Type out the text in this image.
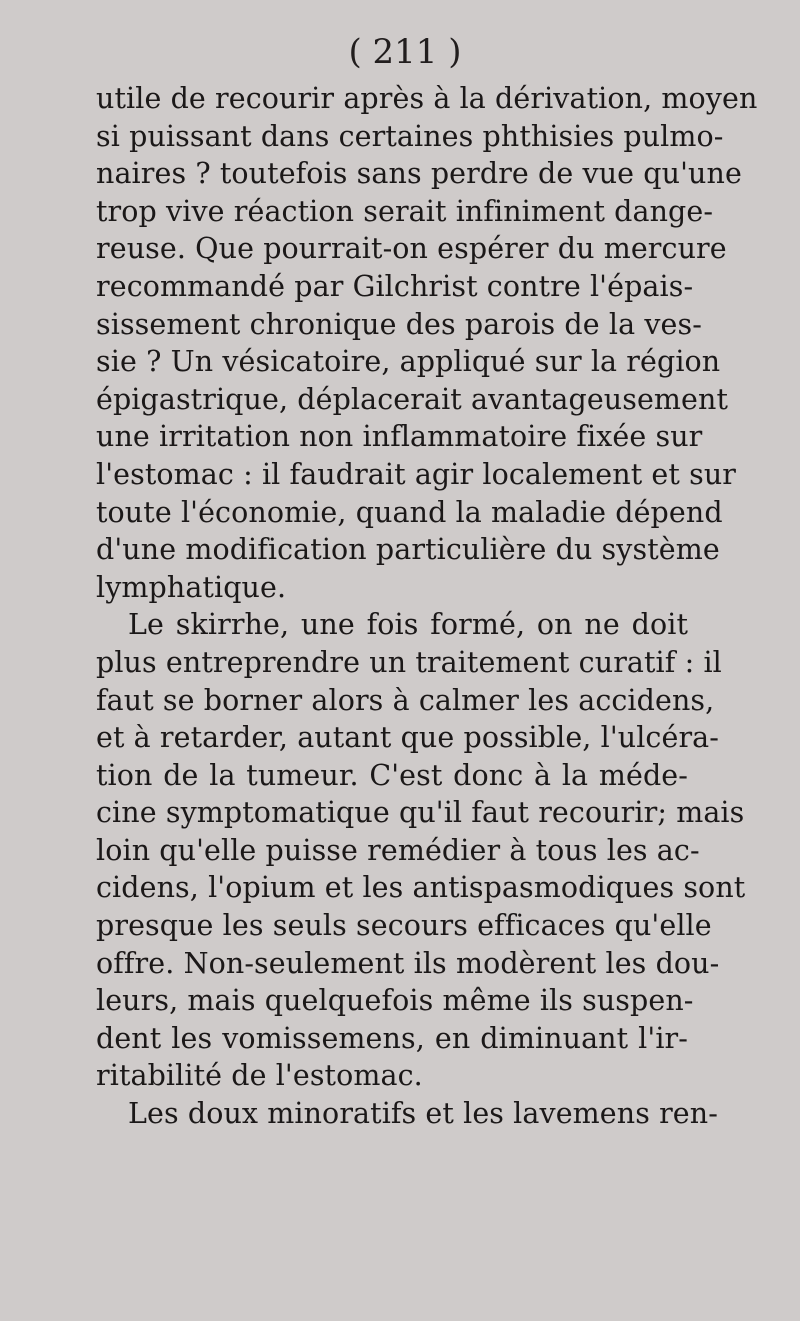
( 211 )
utile de recourir après à la dérivation, moyen
si puissant dans certaines phthisies pulmo-
naires ? toutefois sans perdre de vue qu'une
trop vive réaction serait infiniment dange-
reuse. Que pourrait-on espérer du mercure
recommandé par Gilchrist contre l'épais-
sissement chronique des parois de la ves-
sie ? Un vésicatoire, appliqué sur la région
épigastrique, déplacerait avantageusement
une irritation non inflammatoire fixée sur
l'estomac : il faudrait agir localement et sur
toute l'économie, quand la maladie dépend
d'une modification particulière du système
lymphatique.
Le skirrhe, une fois formé, on ne doit
plus entreprendre un traitement curatif : il
faut se borner alors à calmer les accidens,
et à retarder, autant que possible, l'ulcéra-
tion de la tumeur. C'est donc à la méde-
cine symptomatique qu'il faut recourir; mais
loin qu'elle puisse remédier à tous les ac-
cidens, l'opium et les antispasmodiques sont
presque les seuls secours efficaces qu'elle
offre. Non-seulement ils modèrent les dou-
leurs, mais quelquefois même ils suspen-
dent les vomissemens, en diminuant l'ir-
ritabilité de l'estomac.
Les doux minoratifs et les lavemens ren-
